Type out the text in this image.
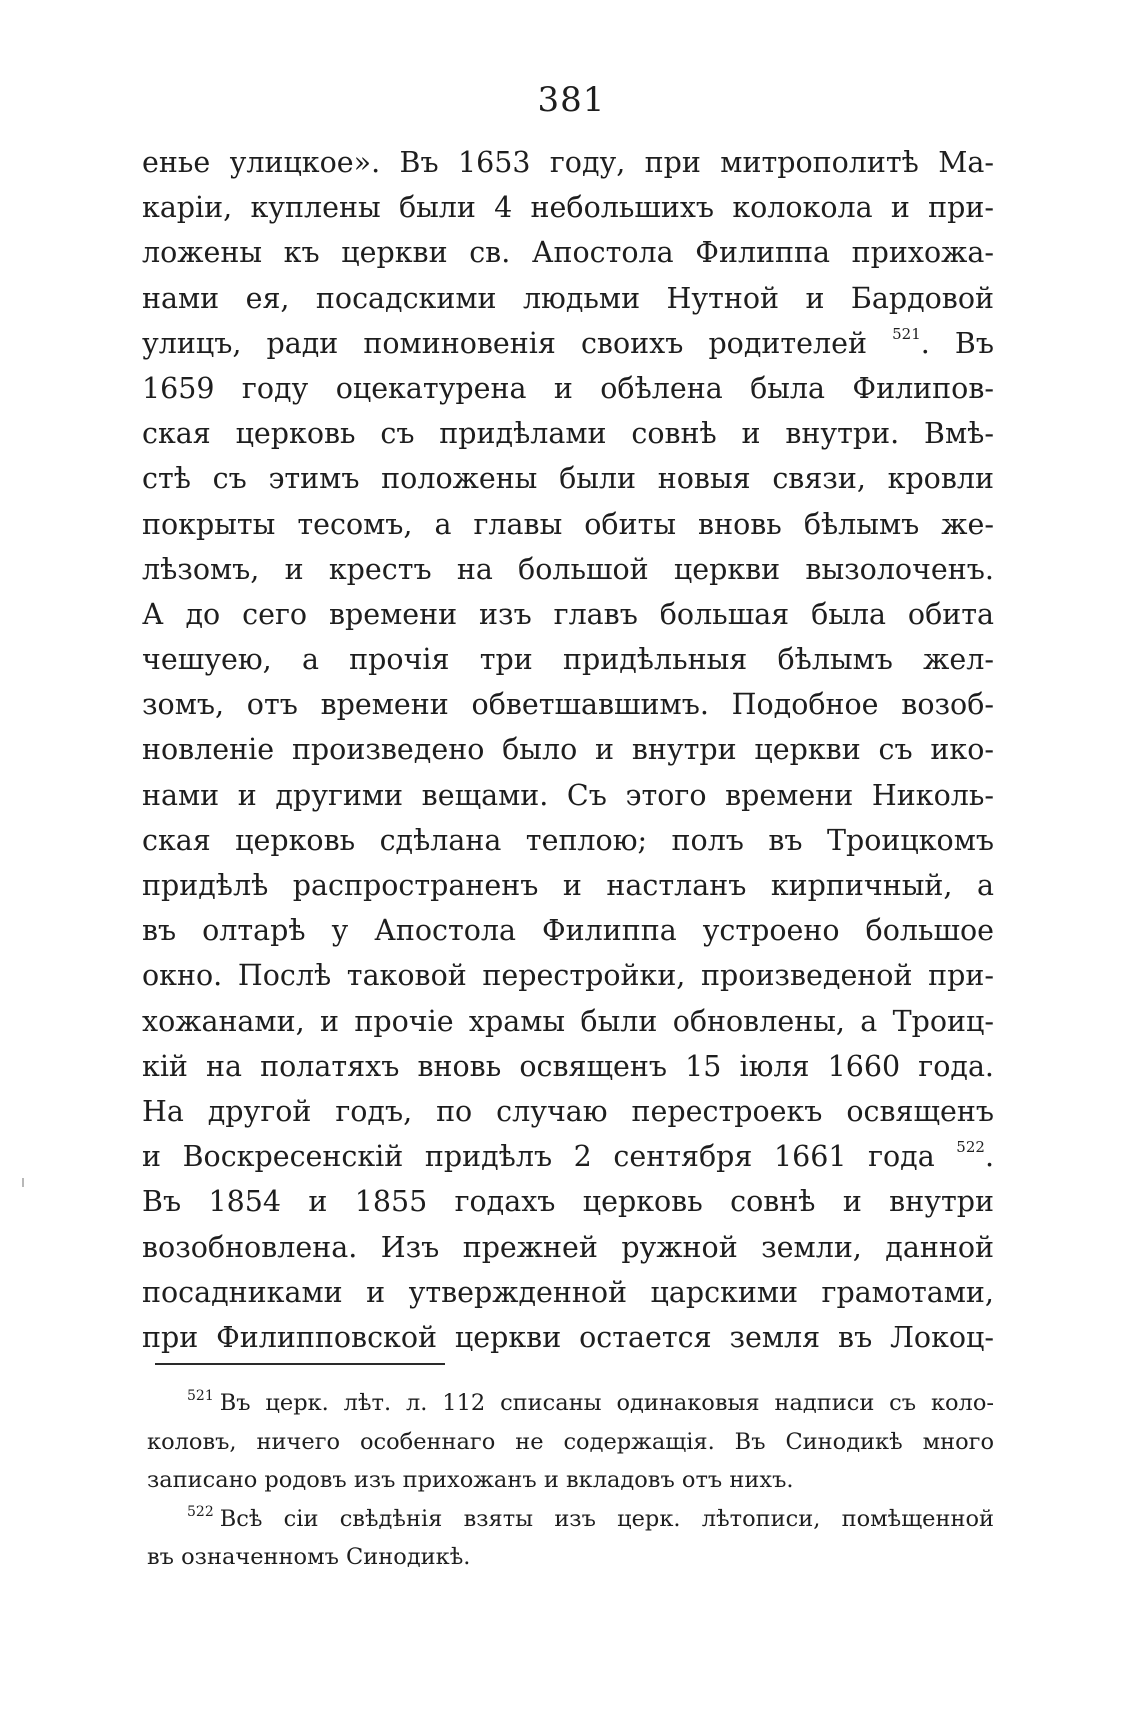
381
енье улицкое». Въ 1653 году, при митрополитѣ Ма-
каріи, куплены были 4 небольшихъ колокола и при-
ложены къ церкви св. Апостола Филиппа прихожа-
нами ея, посадскими людьми Нутной и Бардовой
улицъ, ради поминовенія своихъ родителей $^{521}$. Въ
1659 году оцекатурена и обѣлена была Филипов-
ская церковь съ придѣлами совнѣ и внутри. Вмѣ-
стѣ съ этимъ положены были новыя связи, кровли
покрыты тесомъ, а главы обиты вновь бѣлымъ же-
лѣзомъ, и крестъ на большой церкви вызолоченъ.
А до сего времени изъ главъ большая была обита
чешуею, а прочія три придѣльныя бѣлымъ жел-
зомъ, отъ времени обветшавшимъ. Подобное возоб-
новленіе произведено было и внутри церкви съ ико-
нами и другими вещами. Съ этого времени Николь-
ская церковь сдѣлана теплою; полъ въ Троицкомъ
придѣлѣ распространенъ и настланъ кирпичный, а
въ олтарѣ у Апостола Филиппа устроено большое
окно. Послѣ таковой перестройки, произведеной при-
хожанами, и прочіе храмы были обновлены, а Троиц-
кій на полатяхъ вновь освященъ 15 іюля 1660 года.
На другой годъ, по случаю перестроекъ освященъ
и Воскресенскій придѣлъ 2 сентября 1661 года $^{522}$.
Въ 1854 и 1855 годахъ церковь совнѣ и внутри
возобновлена. Изъ прежней ружной земли, данной
посадниками и утвержденной царскими грамотами,
при Филипповской церкви остается земля въ Локоц-
$^{521}$ Въ церк. лѣт. л. 112 списаны одинаковыя надписи съ коло-
коловъ, ничего особеннаго не содержащія. Въ Синодикѣ много
записано родовъ изъ прихожанъ и вкладовъ отъ нихъ.
$^{522}$ Всѣ сіи свѣдѣнія взяты изъ церк. лѣтописи, помѣщенной
въ означенномъ Синодикѣ.
